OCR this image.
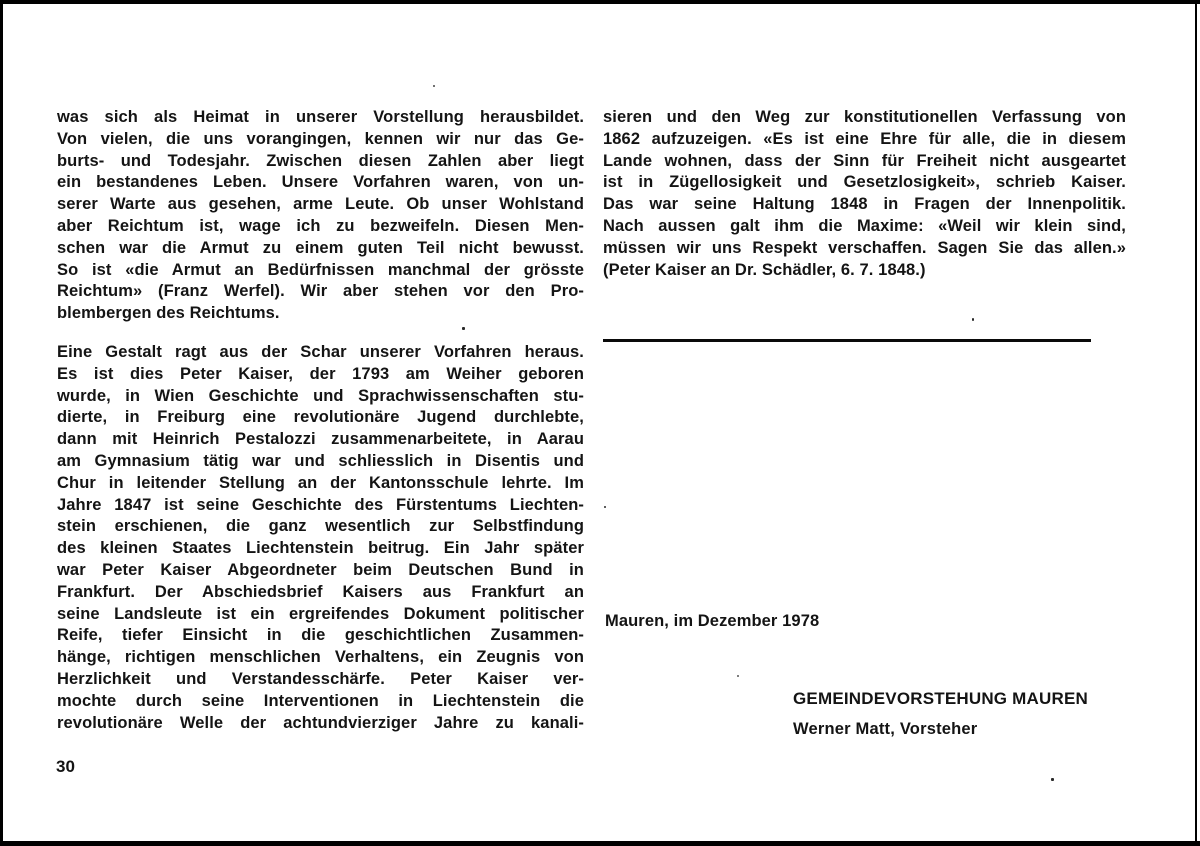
was sich als Heimat in unserer Vorstellung herausbildet.
Von vielen, die uns vorangingen, kennen wir nur das Ge-
burts- und Todesjahr. Zwischen diesen Zahlen aber liegt
ein bestandenes Leben. Unsere Vorfahren waren, von un-
serer Warte aus gesehen, arme Leute. Ob unser Wohlstand
aber Reichtum ist, wage ich zu bezweifeln. Diesen Men-
schen war die Armut zu einem guten Teil nicht bewusst.
So ist «die Armut an Bedürfnissen manchmal der grösste
Reichtum» (Franz Werfel). Wir aber stehen vor den Pro-
blembergen des Reichtums.
Eine Gestalt ragt aus der Schar unserer Vorfahren heraus.
Es ist dies Peter Kaiser, der 1793 am Weiher geboren
wurde, in Wien Geschichte und Sprachwissenschaften stu-
dierte, in Freiburg eine revolutionäre Jugend durchlebte,
dann mit Heinrich Pestalozzi zusammenarbeitete, in Aarau
am Gymnasium tätig war und schliesslich in Disentis und
Chur in leitender Stellung an der Kantonsschule lehrte. Im
Jahre 1847 ist seine Geschichte des Fürstentums Liechten-
stein erschienen, die ganz wesentlich zur Selbstfindung
des kleinen Staates Liechtenstein beitrug. Ein Jahr später
war Peter Kaiser Abgeordneter beim Deutschen Bund in
Frankfurt. Der Abschiedsbrief Kaisers aus Frankfurt an
seine Landsleute ist ein ergreifendes Dokument politischer
Reife, tiefer Einsicht in die geschichtlichen Zusammen-
hänge, richtigen menschlichen Verhaltens, ein Zeugnis von
Herzlichkeit und Verstandesschärfe. Peter Kaiser ver-
mochte durch seine Interventionen in Liechtenstein die
revolutionäre Welle der achtundvierziger Jahre zu kanali-
sieren und den Weg zur konstitutionellen Verfassung von
1862 aufzuzeigen. «Es ist eine Ehre für alle, die in diesem
Lande wohnen, dass der Sinn für Freiheit nicht ausgeartet
ist in Zügellosigkeit und Gesetzlosigkeit», schrieb Kaiser.
Das war seine Haltung 1848 in Fragen der Innenpolitik.
Nach aussen galt ihm die Maxime: «Weil wir klein sind,
müssen wir uns Respekt verschaffen. Sagen Sie das allen.»
(Peter Kaiser an Dr. Schädler, 6. 7. 1848.)
Mauren, im Dezember 1978
GEMEINDEVORSTEHUNG MAUREN
Werner Matt, Vorsteher
30
